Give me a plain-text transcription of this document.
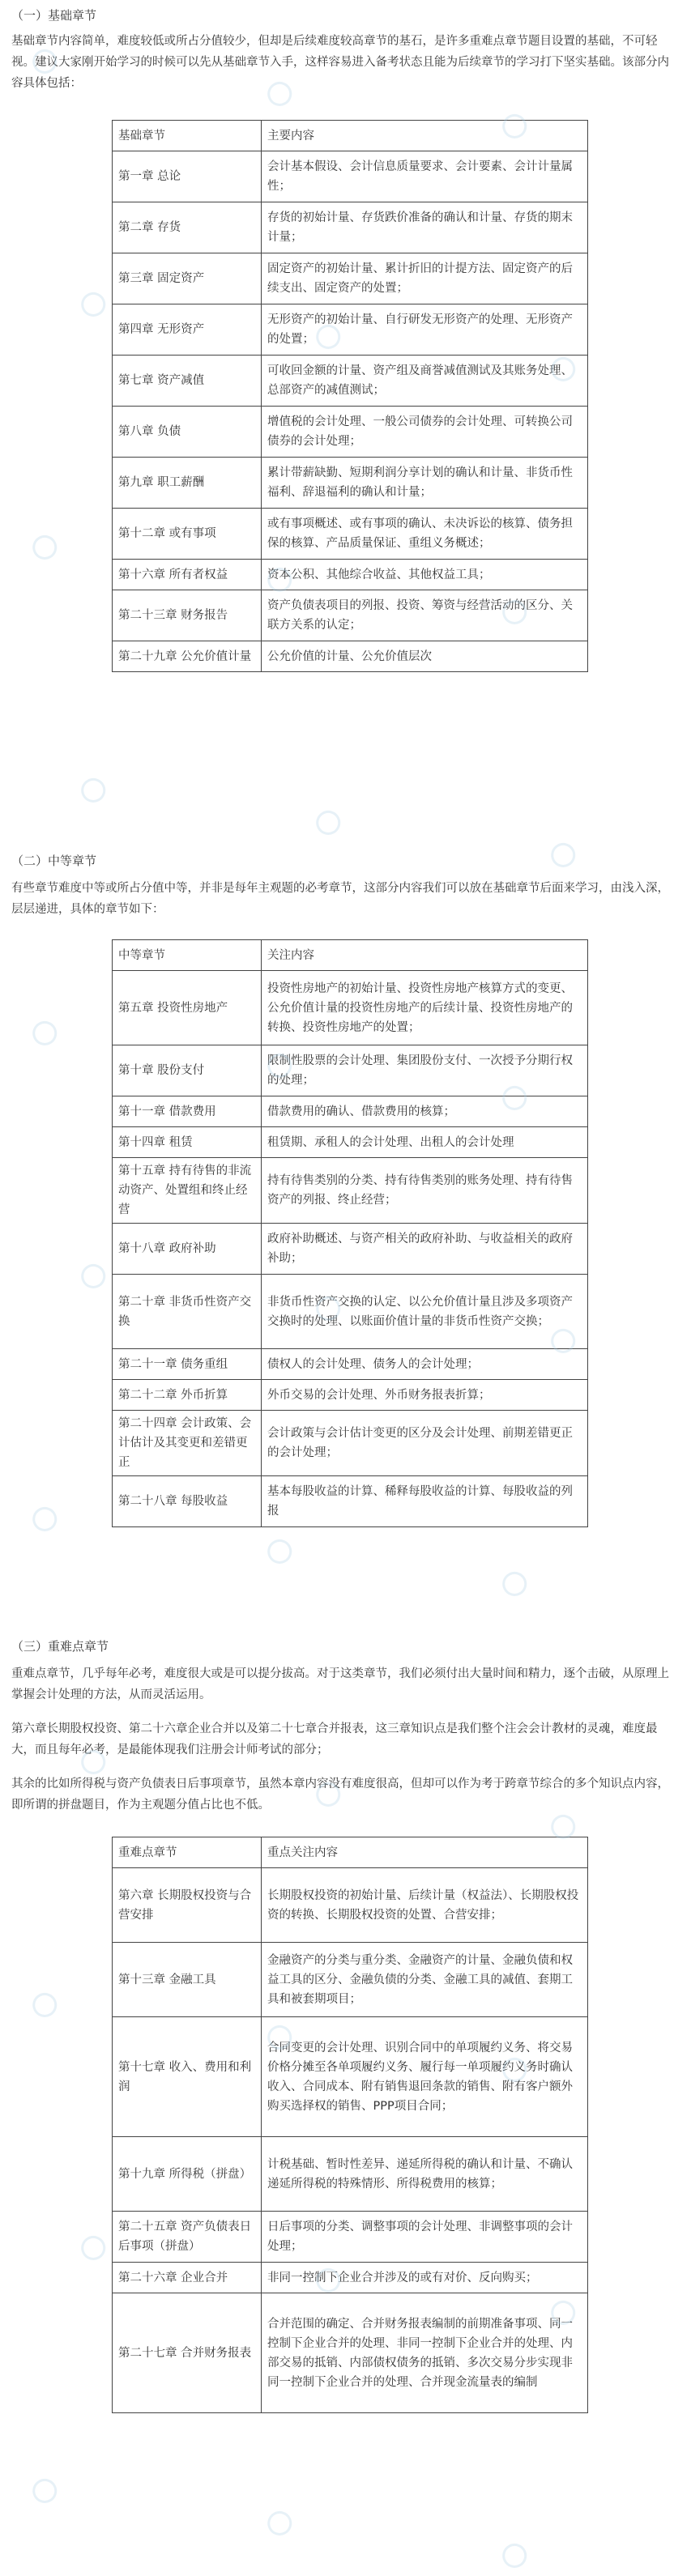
（一）基础章节
基础章节内容简单，难度较低或所占分值较少，但却是后续难度较高章节的基石，是许多重难点章节题目设置的基础，不可轻视。建议大家刚开始学习的时候可以先从基础章节入手，这样容易进入备考状态且能为后续章节的学习打下坚实基础。该部分内容具体包括：
基础章节	主要内容
第一章 总论	会计基本假设、会计信息质量要求、会计要素、会计计量属性；
第二章 存货	存货的初始计量、存货跌价准备的确认和计量、存货的期末计量；
第三章 固定资产	固定资产的初始计量、累计折旧的计提方法、固定资产的后续支出、固定资产的处置；
第四章 无形资产	无形资产的初始计量、自行研发无形资产的处理、无形资产的处置；
第七章 资产减值	可收回金额的计量、资产组及商誉减值测试及其账务处理、总部资产的减值测试；
第八章 负债	增值税的会计处理、一般公司债券的会计处理、可转换公司债券的会计处理；
第九章 职工薪酬	累计带薪缺勤、短期利润分享计划的确认和计量、非货币性福利、辞退福利的确认和计量；
第十二章 或有事项	或有事项概述、或有事项的确认、未决诉讼的核算、债务担保的核算、产品质量保证、重组义务概述；
第十六章 所有者权益	资本公积、其他综合收益、其他权益工具；
第二十三章 财务报告	资产负债表项目的列报、投资、筹资与经营活动的区分、关联方关系的认定；
第二十九章 公允价值计量	公允价值的计量、公允价值层次
（二）中等章节
有些章节难度中等或所占分值中等，并非是每年主观题的必考章节，这部分内容我们可以放在基础章节后面来学习，由浅入深，层层递进，具体的章节如下：
中等章节	关注内容
第五章 投资性房地产	投资性房地产的初始计量、投资性房地产核算方式的变更、公允价值计量的投资性房地产的后续计量、投资性房地产的转换、投资性房地产的处置；
第十章 股份支付	限制性股票的会计处理、集团股份支付、一次授予分期行权的处理；
第十一章 借款费用	借款费用的确认、借款费用的核算；
第十四章 租赁	租赁期、承租人的会计处理、出租人的会计处理
第十五章 持有待售的非流动资产、处置组和终止经营	持有待售类别的分类、持有待售类别的账务处理、持有待售资产的列报、终止经营；
第十八章 政府补助	政府补助概述、与资产相关的政府补助、与收益相关的政府补助；
第二十章 非货币性资产交换	非货币性资产交换的认定、以公允价值计量且涉及多项资产交换时的处理、以账面价值计量的非货币性资产交换；
第二十一章 债务重组	债权人的会计处理、债务人的会计处理；
第二十二章 外币折算	外币交易的会计处理、外币财务报表折算；
第二十四章 会计政策、会计估计及其变更和差错更正	会计政策与会计估计变更的区分及会计处理、前期差错更正的会计处理；
第二十八章 每股收益	基本每股收益的计算、稀释每股收益的计算、每股收益的列报
（三）重难点章节
重难点章节，几乎每年必考，难度很大或是可以提分拔高。对于这类章节，我们必须付出大量时间和精力，逐个击破，从原理上掌握会计处理的方法，从而灵活运用。
第六章长期股权投资、第二十六章企业合并以及第二十七章合并报表，这三章知识点是我们整个注会会计教材的灵魂，难度最大，而且每年必考，是最能体现我们注册会计师考试的部分；
其余的比如所得税与资产负债表日后事项章节，虽然本章内容没有难度很高，但却可以作为考于跨章节综合的多个知识点内容，即所谓的拼盘题目，作为主观题分值占比也不低。
重难点章节	重点关注内容
第六章 长期股权投资与合营安排	长期股权投资的初始计量、后续计量（权益法）、长期股权投资的转换、长期股权投资的处置、合营安排；
第十三章 金融工具	金融资产的分类与重分类、金融资产的计量、金融负债和权益工具的区分、金融负债的分类、金融工具的减值、套期工具和被套期项目；
第十七章 收入、费用和利润	合同变更的会计处理、识别合同中的单项履约义务、将交易价格分摊至各单项履约义务、履行每一单项履约义务时确认收入、合同成本、附有销售退回条款的销售、附有客户额外购买选择权的销售、PPP项目合同；
第十九章 所得税（拼盘）	计税基础、暂时性差异、递延所得税的确认和计量、不确认递延所得税的特殊情形、所得税费用的核算；
第二十五章 资产负债表日后事项（拼盘）	日后事项的分类、调整事项的会计处理、非调整事项的会计处理；
第二十六章 企业合并	非同一控制下企业合并涉及的或有对价、反向购买；
第二十七章 合并财务报表	合并范围的确定、合并财务报表编制的前期准备事项、同一控制下企业合并的处理、非同一控制下企业合并的处理、内部交易的抵销、内部债权债务的抵销、多次交易分步实现非同一控制下企业合并的处理、合并现金流量表的编制
